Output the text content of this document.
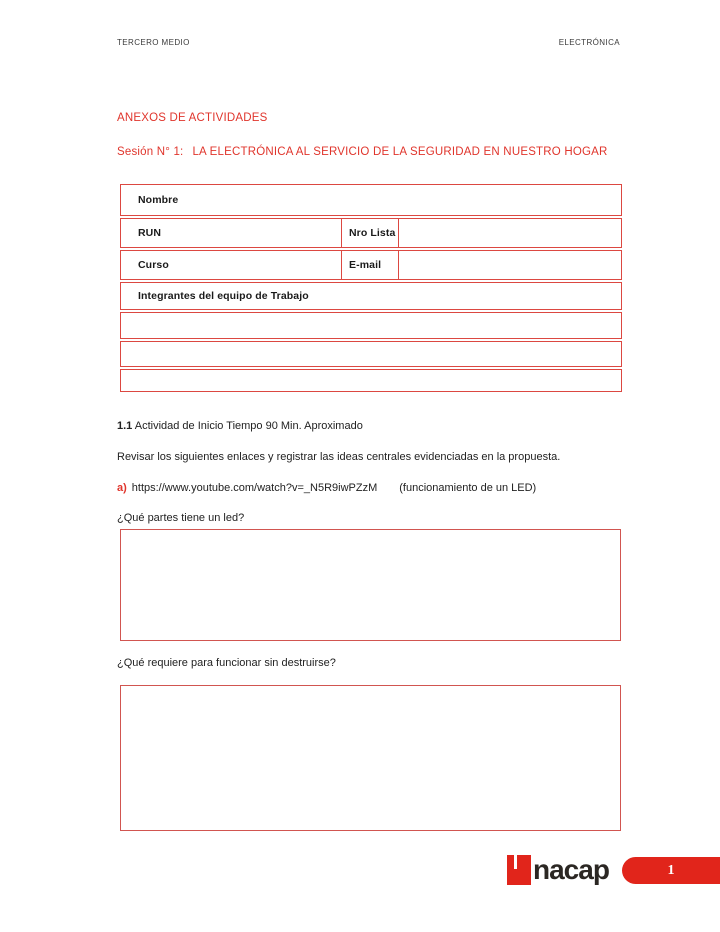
TERCERO MEDIO	ELECTRÓNICA
ANEXOS DE ACTIVIDADES
Sesión N° 1: LA ELECTRÓNICA AL SERVICIO DE LA SEGURIDAD EN NUESTRO HOGAR
Nombre
RUN	Nro Lista
Curso	E-mail
Integrantes del equipo de Trabajo
1.1 Actividad de Inicio Tiempo 90 Min. Aproximado
Revisar los siguientes enlaces y registrar las ideas centrales evidenciadas en la propuesta.
a) https://www.youtube.com/watch?v=_N5R9iwPZzM (funcionamiento de un LED)
¿Qué partes tiene un led?
¿Qué requiere para funcionar sin destruirse?
nacap	1
